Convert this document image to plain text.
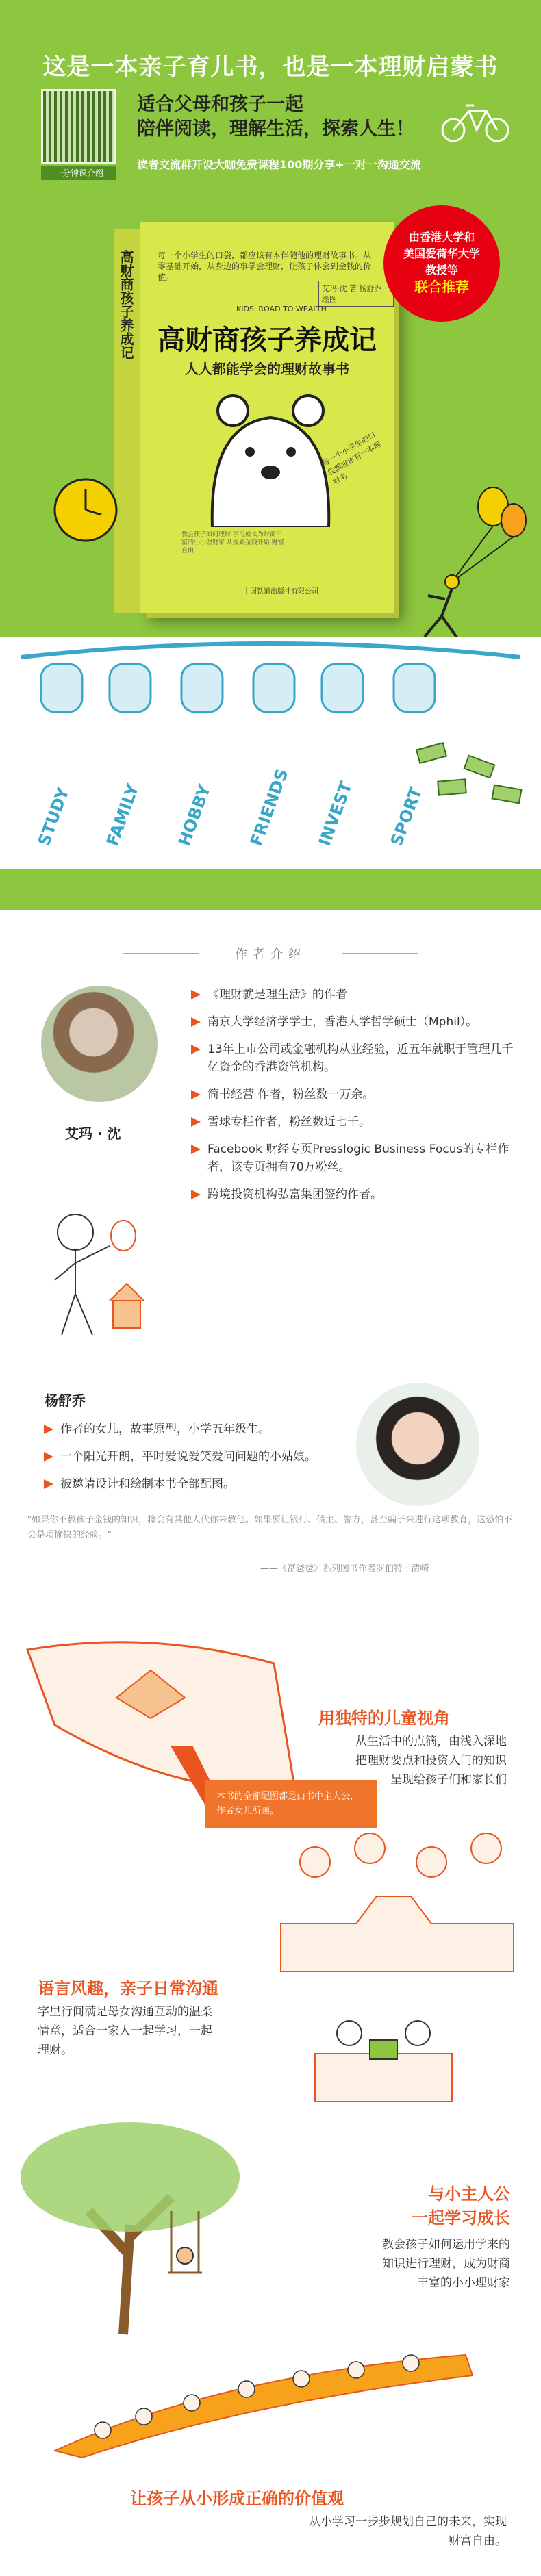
这是一本亲子育儿书，也是一本理财启蒙书
一分钟课介绍
适合父母和孩子一起
陪伴阅读，理解生活，探索人生！
读者交流群开设大咖免费课程100期分享+一对一沟通交流
高财商孩子养成记	每一个小学生的口袋，都应该有本伴随他的理财故事书。从零基础开始，从身边的事学会理财，让孩子体会到金钱的价值。
艾玛·沈 著 杨舒乔 绘图
KIDS' ROAD TO WEALTH
高财商孩子养成记
人人都能学会的理财故事书
教会孩子如何理财 学习成长为财商丰富的小小理财家 从规划金钱开始 财富自由
每一个小学生的口袋都应该有一本理财书
中国铁道出版社有限公司
由香港大学和
美国爱荷华大学
教授等
联合推荐
STUDY FAMILY HOBBY FRIENDS INVEST SPORT
作者介绍
艾玛 · 沈
《理财就是理生活》的作者
南京大学经济学学士，香港大学哲学硕士（Mphil）。
13年上市公司或金融机构从业经验，近五年就职于管理几千亿资金的香港资管机构。
简书经营 作者，粉丝数一万余。
雪球专栏作者，粉丝数近七千。
Facebook 财经专页Presslogic Business Focus的专栏作者，该专页拥有70万粉丝。
跨境投资机构弘富集团签约作者。
杨舒乔
作者的女儿，故事原型，小学五年级生。
一个阳光开朗，平时爱说爱笑爱问问题的小姑娘。
被邀请设计和绘制本书全部配图。
"如果你不教孩子金钱的知识，将会有其他人代你来教他。如果要让银行、债主、警方，甚至骗子来进行这项教育，这恐怕不会是项愉快的经验。"
——《富爸爸》系列图书作者罗伯特 · 清崎
用独特的儿童视角
从生活中的点滴，由浅入深地
把理财要点和投资入门的知识
呈现给孩子们和家长们
本书的全部配图都是由书中主人公，作者女儿所画。
语言风趣，亲子日常沟通
字里行间满是母女沟通互动的温柔
情意，适合一家人一起学习，一起
理财。
与小主人公
一起学习成长
教会孩子如何运用学来的
知识进行理财，成为财商
丰富的小小理财家
让孩子从小形成正确的价值观
从小学习一步步规划自己的未来，实现
财富自由。
